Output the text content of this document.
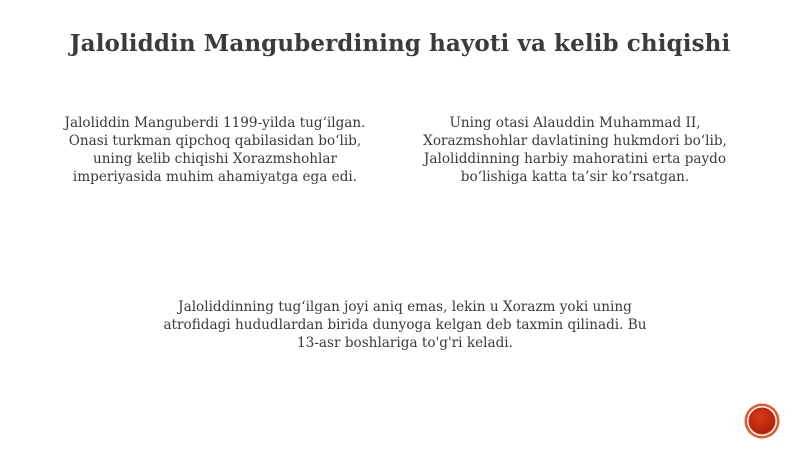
Jaloliddin Manguberdining hayoti va kelib chiqishi

Jaloliddin Manguberdi 1199-yilda tug‘ilgan.
Onasi turkman qipchoq qabilasidan bo‘lib,
uning kelib chiqishi Xorazmshohlar
imperiyasida muhim ahamiyatga ega edi.

Uning otasi Alauddin Muhammad II,
Xorazmshohlar davlatining hukmdori bo‘lib,
Jaloliddinning harbiy mahoratini erta paydo
bo‘lishiga katta ta’sir ko‘rsatgan.

Jaloliddinning tug‘ilgan joyi aniq emas, lekin u Xorazm yoki uning
atrofidagi hududlardan birida dunyoga kelgan deb taxmin qilinadi. Bu
13-asr boshlariga to'g'ri keladi.
